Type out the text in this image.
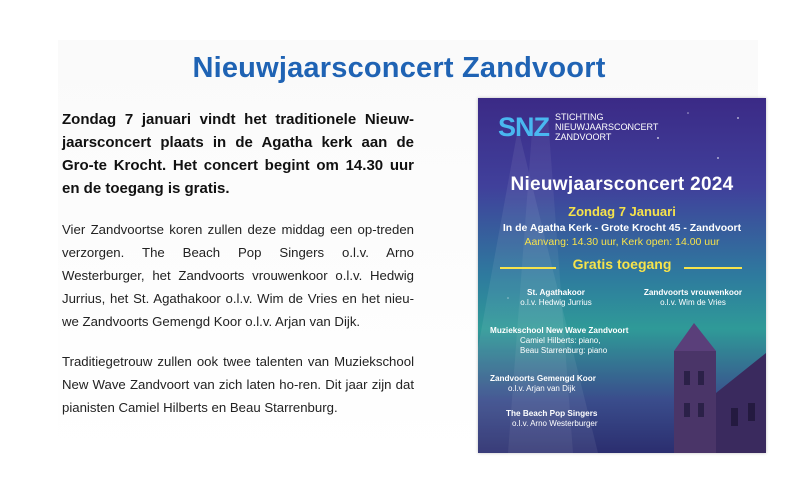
Nieuwjaarsconcert Zandvoort
Zondag 7 januari vindt het traditionele Nieuw-jaarsconcert plaats in de Agatha kerk aan de Gro-te Krocht. Het concert begint om 14.30 uur en de toegang is gratis.
Vier Zandvoortse koren zullen deze middag een op-treden verzorgen. The Beach Pop Singers o.l.v. Arno Westerburger, het Zandvoorts vrouwenkoor o.l.v. Hedwig Jurrius, het St. Agathakoor o.l.v. Wim de Vries en het nieu-we Zandvoorts Gemengd Koor o.l.v. Arjan van Dijk.
Traditiegetrouw zullen ook twee talenten van Muziekschool New Wave Zandvoort van zich laten ho-ren. Dit jaar zijn dat pianisten Camiel Hilberts en Beau Starrenburg.
SNZ STICHTING
NIEUWJAARSCONCERT
ZANDVOORT
Nieuwjaarsconcert 2024
Zondag 7 Januari
In de Agatha Kerk - Grote Krocht 45 - Zandvoort
Aanvang: 14.30 uur, Kerk open: 14.00 uur
Gratis toegang
St. Agathakoor
o.l.v. Hedwig Jurrius
Zandvoorts vrouwenkoor
o.l.v. Wim de Vries
Muziekschool New Wave Zandvoort
Camiel Hilberts: piano,
Beau Starrenburg: piano
Zandvoorts Gemengd Koor
o.l.v. Arjan van Dijk
The Beach Pop Singers
o.l.v. Arno Westerburger
